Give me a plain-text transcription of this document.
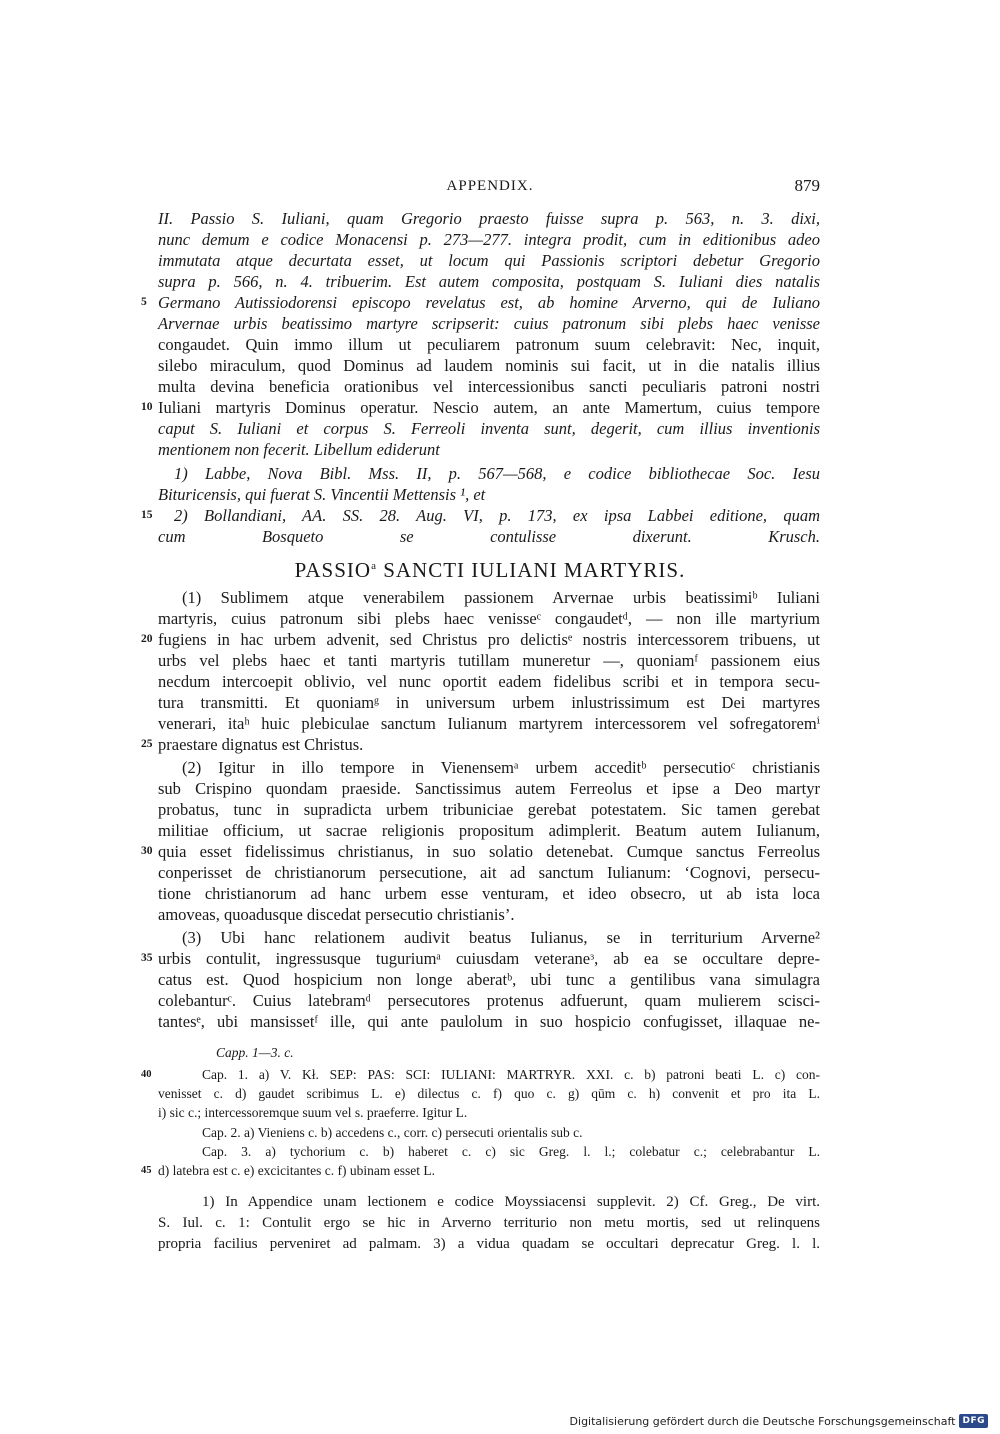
APPENDIX.	879
II. Passio S. Iuliani, quam Gregorio praesto fuisse supra p. 563, n. 3. dixi,
nunc demum e codice Monacensi p. 273—277. integra prodit, cum in editionibus adeo
immutata atque decurtata esset, ut locum qui Passionis scriptori debetur Gregorio
supra p. 566, n. 4. tribuerim. Est autem composita, postquam S. Iuliani dies natalis
Germano Autissiodorensi episcopo revelatus est, ab homine Arverno, qui de Iuliano
Arvernae urbis beatissimo martyre scripserit: cuius patronum sibi plebs haec venisse
congaudet. Quin immo illum ut peculiarem patronum suum celebravit: Nec, inquit,
silebo miraculum, quod Dominus ad laudem nominis sui facit, ut in die natalis illius
multa devina beneficia orationibus vel intercessionibus sancti peculiaris patroni nostri
Iuliani martyris Dominus operatur. Nescio autem, an ante Mamertum, cuius tempore
caput S. Iuliani et corpus S. Ferreoli inventa sunt, degerit, cum illius inventionis
mentionem non fecerit. Libellum ediderunt
1) Labbe, Nova Bibl. Mss. II, p. 567—568, e codice bibliothecae Soc. Iesu
Bituricensis, qui fuerat S. Vincentii Mettensis ¹, et
2) Bollandiani, AA. SS. 28. Aug. VI, p. 173, ex ipsa Labbei editione, quam
cum Bosqueto se contulisse dixerunt. Krusch.
5
10
15
PASSIO$^a$ SANCTI IULIANI MARTYRIS.
(1) Sublimem atque venerabilem passionem Arvernae urbis beatissimiᵇ Iuliani
martyris, cuius patronum sibi plebs haec venisseᶜ congaudetᵈ, — non ille martyrium
fugiens in hac urbem advenit, sed Christus pro delictisᵉ nostris intercessorem tribuens, ut
urbs vel plebs haec et tanti martyris tutillam muneretur —, quoniamᶠ passionem eius
necdum intercoepit oblivio, vel nunc oportit eadem fidelibus scribi et in tempora secu-
tura transmitti. Et quoniamᵍ in universum urbem inlustrissimum est Dei martyres
venerari, itaʰ huic plebiculae sanctum Iulianum martyrem intercessorem vel sofregatoremⁱ
praestare dignatus est Christus.
(2) Igitur in illo tempore in Vienensemᵃ urbem acceditᵇ persecutioᶜ christianis
sub Crispino quondam praeside. Sanctissimus autem Ferreolus et ipse a Deo martyr
probatus, tunc in supradicta urbem tribuniciae gerebat potestatem. Sic tamen gerebat
militiae officium, ut sacrae religionis propositum adimplerit. Beatum autem Iulianum,
quia esset fidelissimus christianus, in suo solatio detenebat. Cumque sanctus Ferreolus
conperisset de christianorum persecutione, ait ad sanctum Iulianum: ‘Cognovi, persecu-
tione christianorum ad hanc urbem esse venturam, et ideo obsecro, ut ab ista loca
amoveas, quoadusque discedat persecutio christianis’.
(3) Ubi hanc relationem audivit beatus Iulianus, se in territurium Arverne²
urbis contulit, ingressusque tuguriumᵃ cuiusdam veteraneᵌ, ab ea se occultare depre-
catus est. Quod hospicium non longe aberatᵇ, ubi tunc a gentilibus vana simulagra
colebanturᶜ. Cuius latebramᵈ persecutores protenus adfuerunt, quam mulierem scisci-
tantesᵉ, ubi mansissetᶠ ille, qui ante paulolum in suo hospicio confugisset, illaquae ne-
20
25
30
35
Capp. 1—3. c.
Cap. 1. a) V. Kł. SEP: PAS: SCI: IULIANI: MARTRYR. XXI. c. b) patroni beati L. c) con-
venisset c. d) gaudet scribimus L. e) dilectus c. f) quo c. g) qūm c. h) convenit et pro ita L.
i) sic c.; intercessoremque suum vel s. praeferre. Igitur L.
Cap. 2. a) Vieniens c. b) accedens c., corr. c) persecuti orientalis sub c.
Cap. 3. a) tychorium c. b) haberet c. c) sic Greg. l. l.; colebatur c.; celebrabantur L.
d) latebra est c. e) excicitantes c. f) ubinam esset L.
40
45
1) In Appendice unam lectionem e codice Moyssiacensi supplevit. 2) Cf. Greg., De virt.
S. Iul. c. 1: Contulit ergo se hic in Arverno territurio non metu mortis, sed ut relinquens
propria facilius perveniret ad palmam. 3) a vidua quadam se occultari deprecatur Greg. l. l.
Digitalisierung gefördert durch die Deutsche Forschungsgemeinschaft DFG
